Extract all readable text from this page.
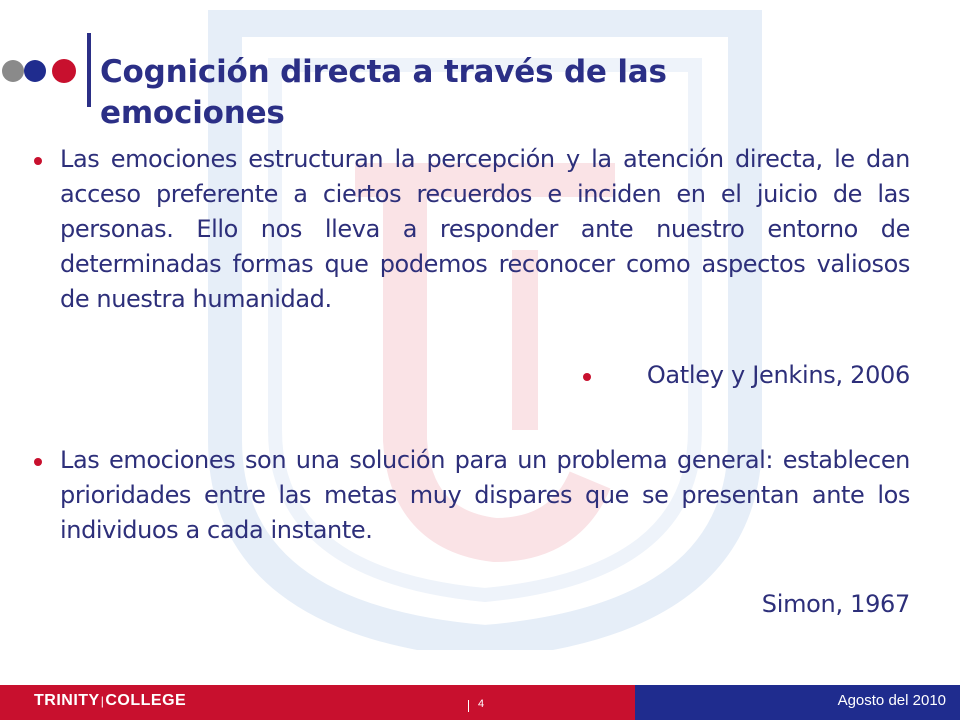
Cognición directa a través de las emociones

Las emociones estructuran la percepción y la atención directa, le dan acceso preferente a ciertos recuerdos e inciden en el juicio de las personas. Ello nos lleva a responder ante nuestro entorno de determinadas formas que podemos reconocer como aspectos valiosos de nuestra humanidad.

Oatley y Jenkins, 2006

Las emociones son una solución para un problema general: establecen prioridades entre las metas muy dispares que se presentan ante los individuos a cada instante.

Simon, 1967

TRINITY|COLLEGE	4	Agosto del 2010
